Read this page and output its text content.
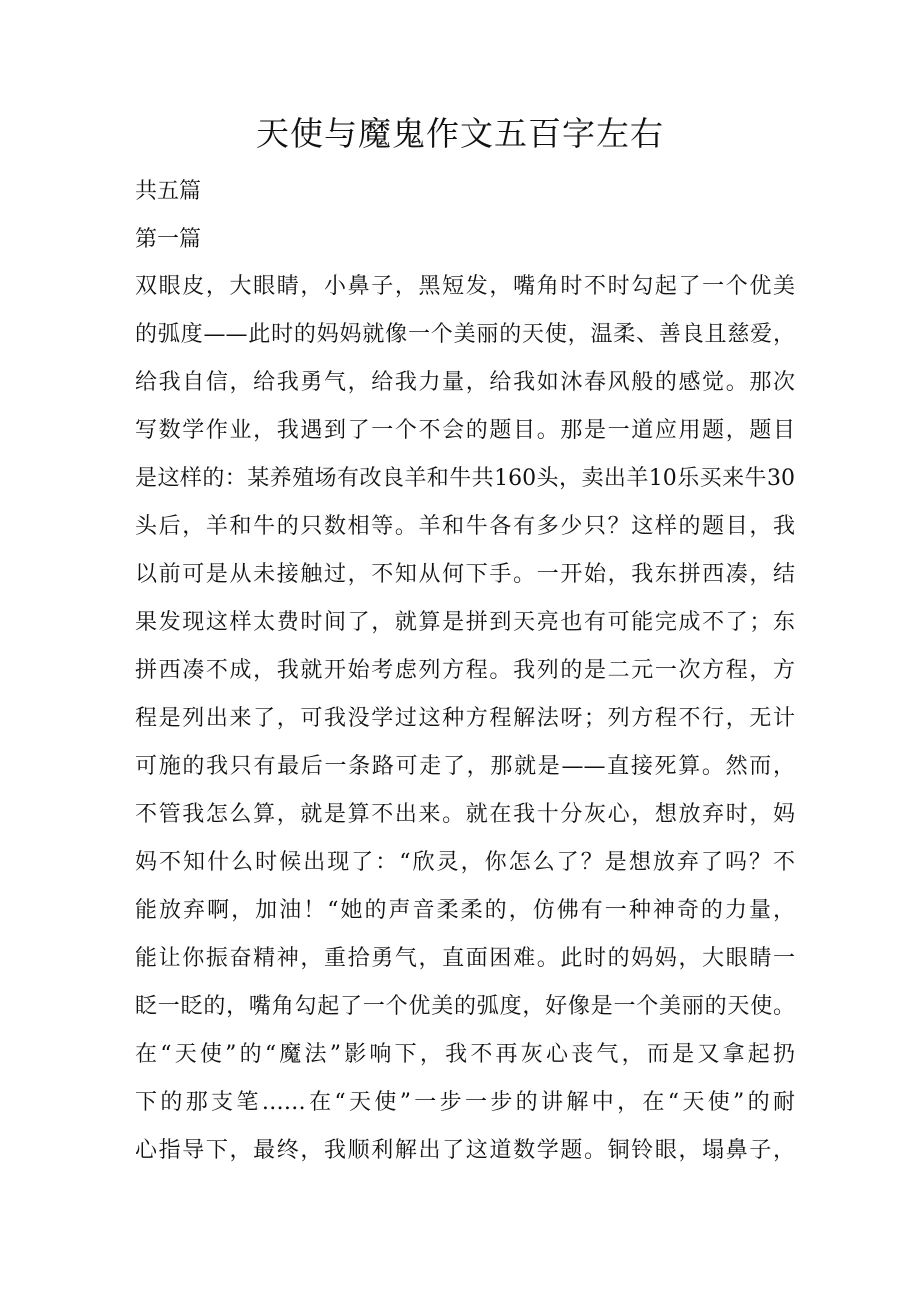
天使与魔鬼作文五百字左右
共五篇
第一篇
双眼皮，大眼睛，小鼻子，黑短发，嘴角时不时勾起了一个优美
的弧度——此时的妈妈就像一个美丽的天使，温柔、善良且慈爱，
给我自信，给我勇气，给我力量，给我如沐春风般的感觉。那次
写数学作业，我遇到了一个不会的题目。那是一道应用题，题目
是这样的：某养殖场有改良羊和牛共160头，卖出羊10乐买来牛30
头后，羊和牛的只数相等。羊和牛各有多少只？这样的题目，我
以前可是从未接触过，不知从何下手。一开始，我东拼西凑，结
果发现这样太费时间了，就算是拼到天亮也有可能完成不了；东
拼西凑不成，我就开始考虑列方程。我列的是二元一次方程，方
程是列出来了，可我没学过这种方程解法呀；列方程不行，无计
可施的我只有最后一条路可走了，那就是——直接死算。然而，
不管我怎么算，就是算不出来。就在我十分灰心，想放弃时，妈
妈不知什么时候出现了：“欣灵，你怎么了？是想放弃了吗？不
能放弃啊，加油！“她的声音柔柔的，仿佛有一种神奇的力量，
能让你振奋精神，重拾勇气，直面困难。此时的妈妈，大眼睛一
眨一眨的，嘴角勾起了一个优美的弧度，好像是一个美丽的天使。
在“天使”的“魔法”影响下，我不再灰心丧气，而是又拿起扔
下的那支笔……在“天使”一步一步的讲解中，在“天使”的耐
心指导下，最终，我顺利解出了这道数学题。铜铃眼，塌鼻子，
